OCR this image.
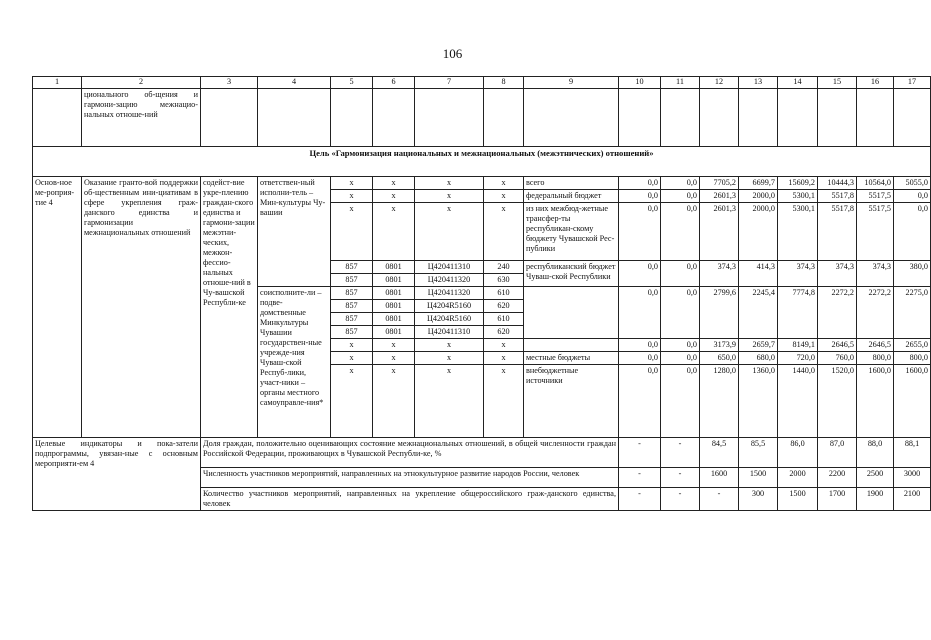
106
1	2	3	4	5	6	7	8	9	10	11	12	13	14	15	16	17
	ционального об-щения и гармони-зацию межнацио-нальных отноше-ний															
Цель «Гармонизация национальных и межнациональных (межэтнических) отношений»																
Основ-ное ме-роприя-тие 4	Оказание гранто-вой поддержки об-щественным ини-циативам в сфере укрепления граж-данского единства и гармонизации межнациональных отношений	содейст-вие укре-плению граждан-ского единства и гармони-зации межэтни-ческих, межкон-фессио-нальных отноше-ний в Чу-вашской Республи-ке	ответствен-ный исполни-тель – Мин-культуры Чу-вашии	x	x	x	x	всего	0,0	0,0	7705,2	6699,7	15609,2	10444,3	10564,0	5055,0
				x	x	x	x	федеральный бюджет	0,0	0,0	2601,3	2000,0	5300,1	5517,8	5517,5	0,0
				x	x	x	x	из них межбюд-жетные трансфер-ты республикан-скому бюджету Чувашской Рес-публики	0,0	0,0	2601,3	2000,0	5300,1	5517,8	5517,5	0,0
				857	0801	Ц420411310	240	республиканский бюджет Чуваш-ской Республики	0,0	0,0	374,3	414,3	374,3	374,3	374,3	380,0
				857	0801	Ц420411320	630									
			соисполните-ли – подве-домственные Минкультуры Чувашии государствен-ные учрежде-ния Чуваш-ской Респуб-лики, участ-ники – органы местного самоуправле-ния*	857	0801	Ц420411320	610		0,0	0,0	2799,6	2245,4	7774,8	2272,2	2272,2	2275,0
				857	0801	Ц4204R5160	620									
				857	0801	Ц4204R5160	610									
				857	0801	Ц420411310	620									
				x	x	x	x		0,0	0,0	3173,9	2659,7	8149,1	2646,5	2646,5	2655,0
				x	x	x	x	местные бюджеты	0,0	0,0	650,0	680,0	720,0	760,0	800,0	800,0
				x	x	x	x	внебюджетные источники	0,0	0,0	1280,0	1360,0	1440,0	1520,0	1600,0	1600,0
Целевые индикаторы и пока-затели подпрограммы, увязан-ные с основным мероприяти-ем 4		Доля граждан, положительно оценивающих состояние межнациональных отношений, в общей численности граждан Российской Федерации, проживающих в Чувашской Республи-ке, %							-	-	84,5	85,5	86,0	87,0	88,0	88,1
		Численность участников мероприятий, направленных на этнокультурное развитие народов России, человек							-	-	1600	1500	2000	2200	2500	3000
		Количество участников мероприятий, направленных на укрепление общероссийского граж-данского единства, человек							-	-	-	300	1500	1700	1900	2100
